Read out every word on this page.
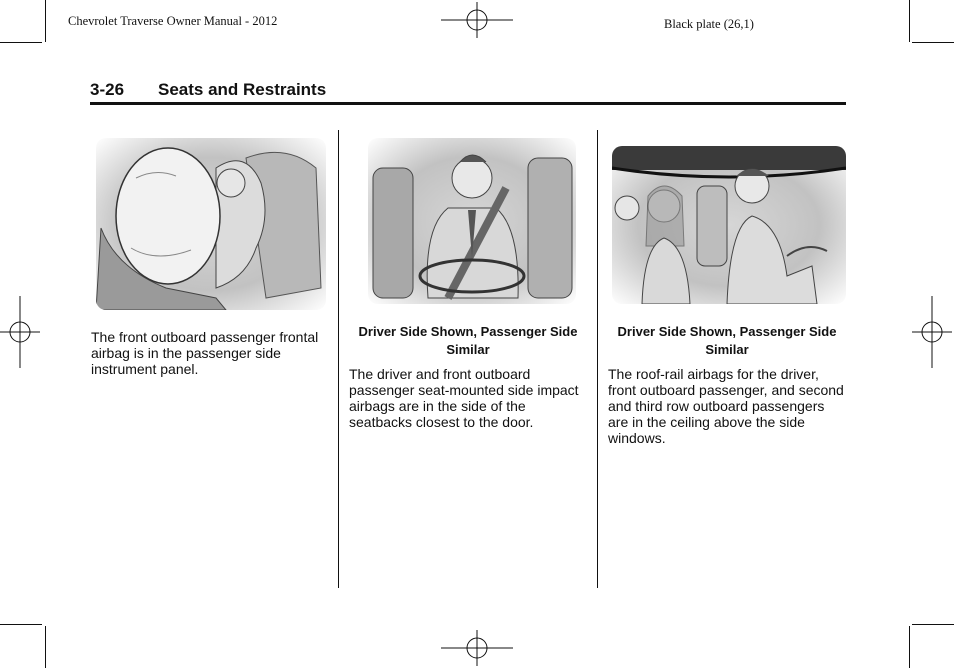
Chevrolet Traverse Owner Manual - 2012	Black plate (26,1)
3-26 Seats and Restraints
The front outboard passenger frontal airbag is in the passenger side instrument panel.
Driver Side Shown, Passenger Side Similar
The driver and front outboard passenger seat-mounted side impact airbags are in the side of the seatbacks closest to the door.
Driver Side Shown, Passenger Side Similar
The roof-rail airbags for the driver, front outboard passenger, and second and third row outboard passengers are in the ceiling above the side windows.
